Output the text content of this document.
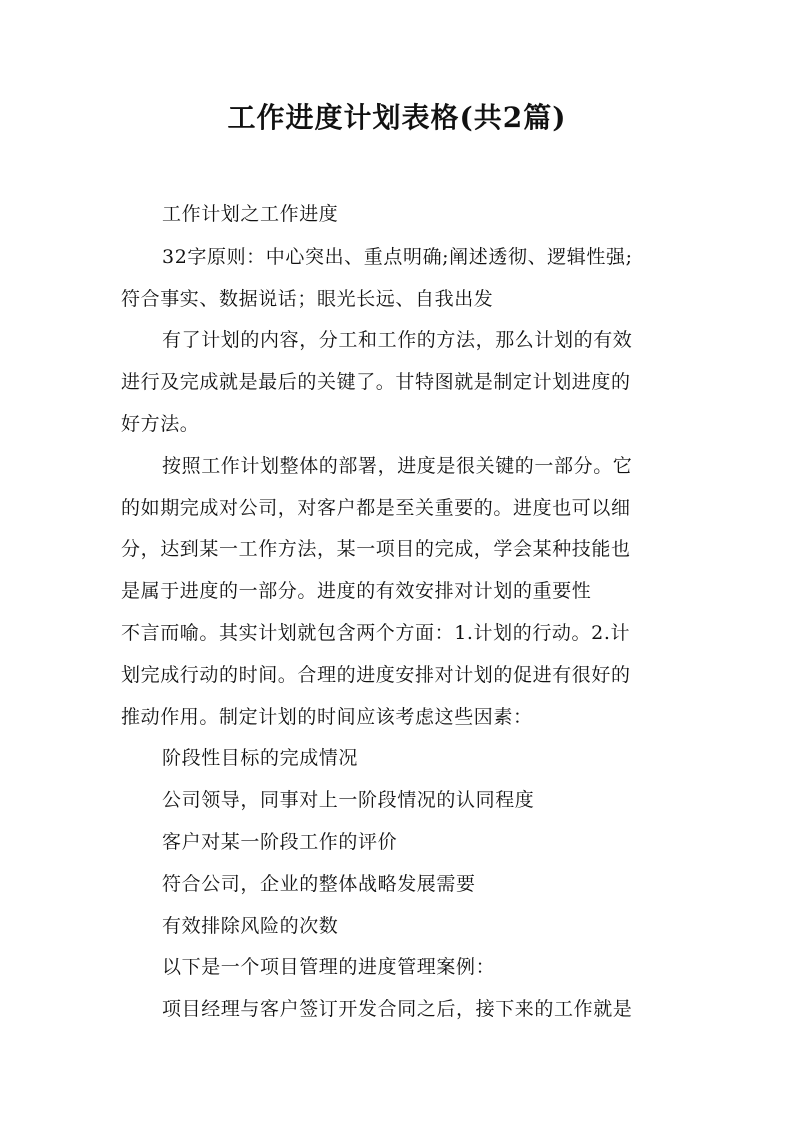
工作进度计划表格(共2篇)
工作计划之工作进度
32字原则：中心突出、重点明确;阐述透彻、逻辑性强;
符合事实、数据说话；眼光长远、自我出发
有了计划的内容，分工和工作的方法，那么计划的有效
进行及完成就是最后的关键了。甘特图就是制定计划进度的
好方法。
按照工作计划整体的部署，进度是很关键的一部分。它
的如期完成对公司，对客户都是至关重要的。进度也可以细
分，达到某一工作方法，某一项目的完成，学会某种技能也
是属于进度的一部分。进度的有效安排对计划的重要性
不言而喻。其实计划就包含两个方面：1.计划的行动。2.计
划完成行动的时间。合理的进度安排对计划的促进有很好的
推动作用。制定计划的时间应该考虑这些因素：
阶段性目标的完成情况
公司领导，同事对上一阶段情况的认同程度
客户对某一阶段工作的评价
符合公司，企业的整体战略发展需要
有效排除风险的次数
以下是一个项目管理的进度管理案例：
项目经理与客户签订开发合同之后，接下来的工作就是
